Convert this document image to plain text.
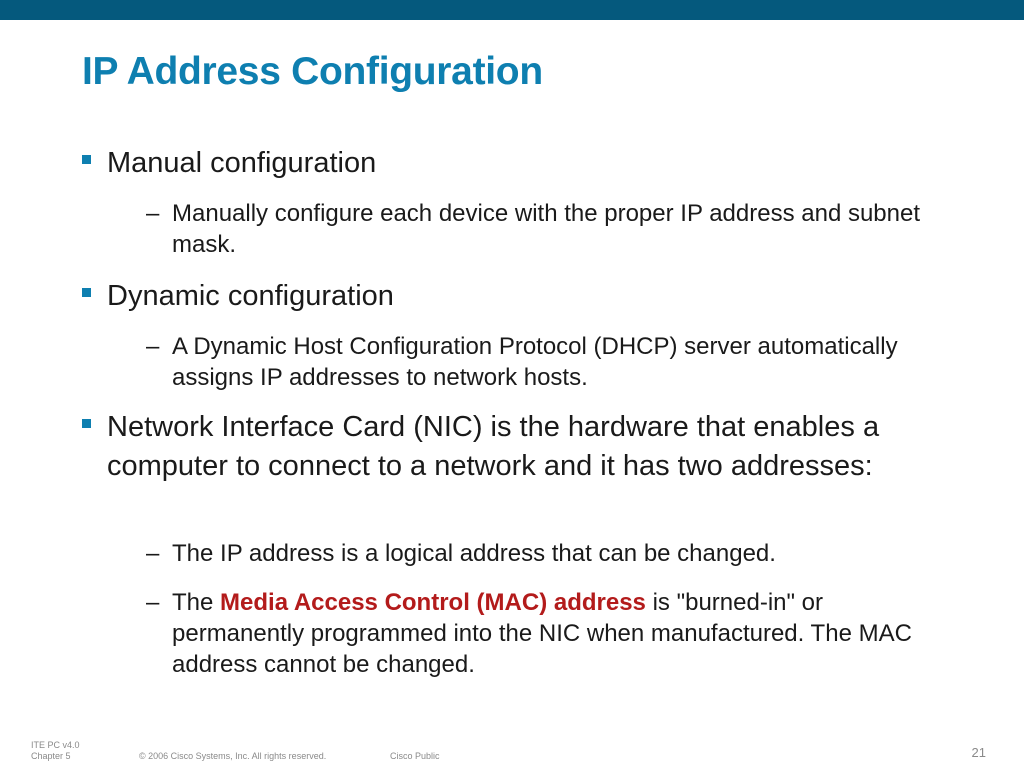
IP Address Configuration
Manual configuration
– Manually configure each device with the proper IP address and subnet mask.
Dynamic configuration
– A Dynamic Host Configuration Protocol (DHCP) server automatically assigns IP addresses to network hosts.
Network Interface Card (NIC) is the hardware that enables a computer to connect to a network and it has two addresses:
– The IP address is a logical address that can be changed.
– The Media Access Control (MAC) address is "burned-in" or permanently programmed into the NIC when manufactured. The MAC address cannot be changed.
ITE PC v4.0
Chapter 5	© 2006 Cisco Systems, Inc. All rights reserved.	Cisco Public	21
